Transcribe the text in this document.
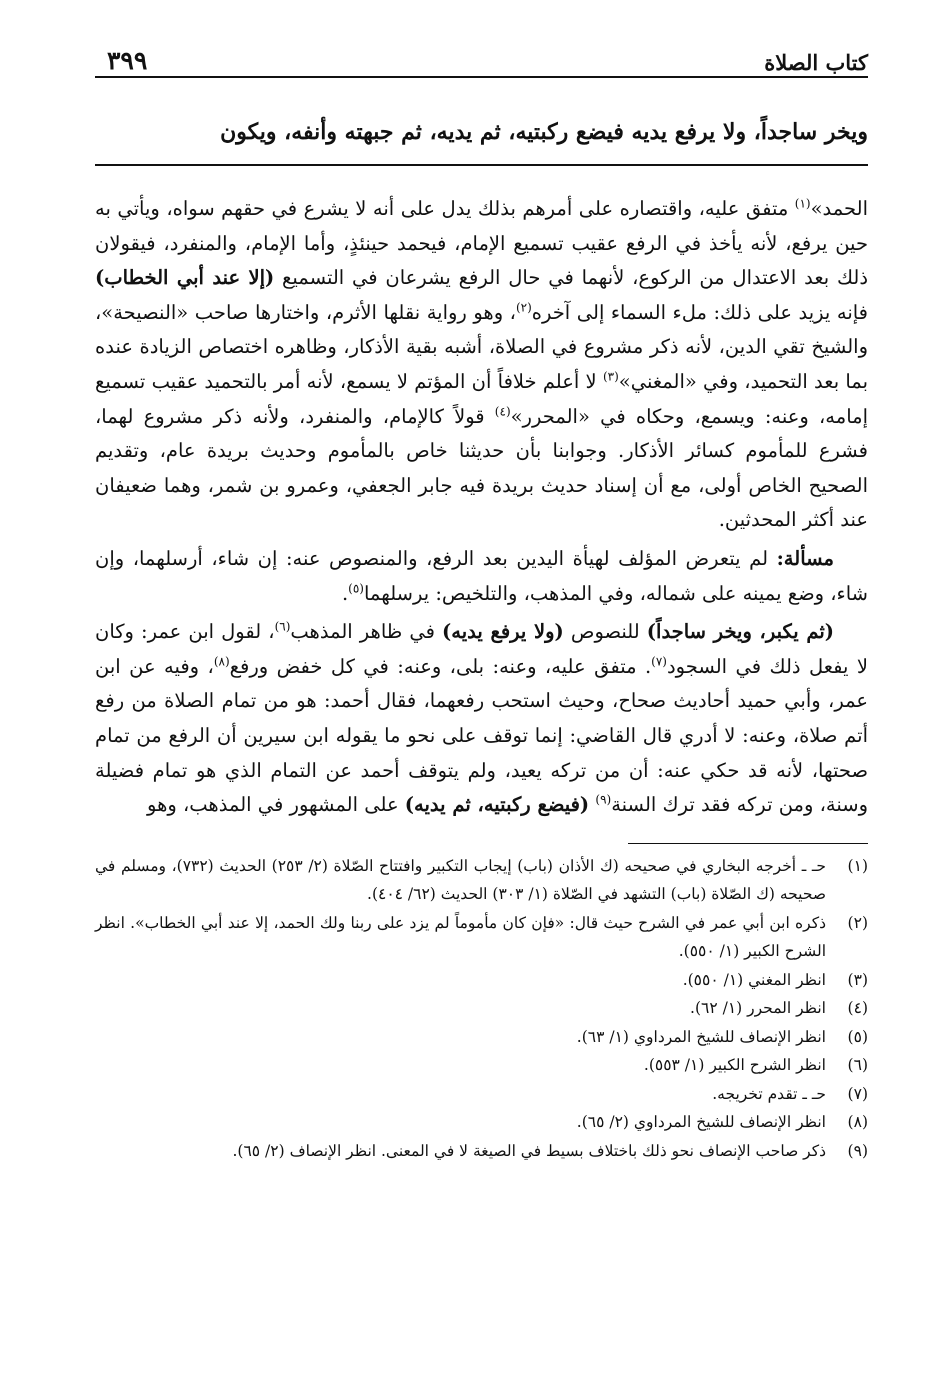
كتاب الصلاة
٣٩٩
ويخر ساجداً، ولا يرفع يديه فيضع ركبتيه، ثم يديه، ثم جبهته وأنفه، ويكون

الحمد»$^{(١)}$ متفق عليه، واقتصاره على أمرهم بذلك يدل على أنه لا يشرع في حقهم سواه، ويأتي به حين يرفع، لأنه يأخذ في الرفع عقيب تسميع الإمام، فيحمد حينئذٍ، وأما الإمام، والمنفرد، فيقولان ذلك بعد الاعتدال من الركوع، لأنهما في حال الرفع يشرعان في التسميع (إلا عند أبي الخطاب) فإنه يزيد على ذلك: ملء السماء إلى آخره$^{(٢)}$، وهو رواية نقلها الأثرم، واختارها صاحب «النصيحة»، والشيخ تقي الدين، لأنه ذكر مشروع في الصلاة، أشبه بقية الأذكار، وظاهره اختصاص الزيادة عنده بما بعد التحميد، وفي «المغني»$^{(٣)}$ لا أعلم خلافاً أن المؤتم لا يسمع، لأنه أمر بالتحميد عقيب تسميع إمامه، وعنه: ويسمع، وحكاه في «المحرر»$^{(٤)}$ قولاً كالإمام، والمنفرد، ولأنه ذكر مشروع لهما، فشرع للمأموم كسائر الأذكار. وجوابنا بأن حديثنا خاص بالمأموم وحديث بريدة عام، وتقديم الصحيح الخاص أولى، مع أن إسناد حديث بريدة فيه جابر الجعفي، وعمرو بن شمر، وهما ضعيفان عند أكثر المحدثين.

مسألة: لم يتعرض المؤلف لهيأة اليدين بعد الرفع، والمنصوص عنه: إن شاء، أرسلهما، وإن شاء، وضع يمينه على شماله، وفي المذهب، والتلخيص: يرسلهما$^{(٥)}$.

(ثم يكبر، ويخر ساجداً) للنصوص (ولا يرفع يديه) في ظاهر المذهب$^{(٦)}$، لقول ابن عمر: وكان لا يفعل ذلك في السجود$^{(٧)}$. متفق عليه، وعنه: بلى، وعنه: في كل خفض ورفع$^{(٨)}$، وفيه عن ابن عمر، وأبي حميد أحاديث صحاح، وحيث استحب رفعهما، فقال أحمد: هو من تمام الصلاة من رفع أتم صلاة، وعنه: لا أدري قال القاضي: إنما توقف على نحو ما يقوله ابن سيرين أن الرفع من تمام صحتها، لأنه قد حكي عنه: أن من تركه يعيد، ولم يتوقف أحمد عن التمام الذي هو تمام فضيلة وسنة، ومن تركه فقد ترك السنة$^{(٩)}$ (فيضع ركبتيه، ثم يديه) على المشهور في المذهب، وهو

(١)
حـ ـ أخرجه البخاري في صحيحه (ك الأذان (باب) إيجاب التكبير وافتتاح الصّلاة (٢/ ٢٥٣) الحديث (٧٣٢)، ومسلم في صحيحه (ك الصّلاة (باب) التشهد في الصّلاة (١/ ٣٠٣) الحديث (٦٢/ ٤٠٤).
(٢)
ذكره ابن أبي عمر في الشرح حيث قال: «فإن كان مأموماً لم يزد على ربنا ولك الحمد، إلا عند أبي الخطاب». انظر الشرح الكبير (١/ ٥٥٠).
(٣)
انظر المغني (١/ ٥٥٠).
(٤)
انظر المحرر (١/ ٦٢).
(٥)
انظر الإنصاف للشيخ المرداوي (١/ ٦٣).
(٦)
انظر الشرح الكبير (١/ ٥٥٣).
(٧)
حـ ـ تقدم تخريجه.
(٨)
انظر الإنصاف للشيخ المرداوي (٢/ ٦٥).
(٩)
ذكر صاحب الإنصاف نحو ذلك باختلاف بسيط في الصيغة لا في المعنى. انظر الإنصاف (٢/ ٦٥).
